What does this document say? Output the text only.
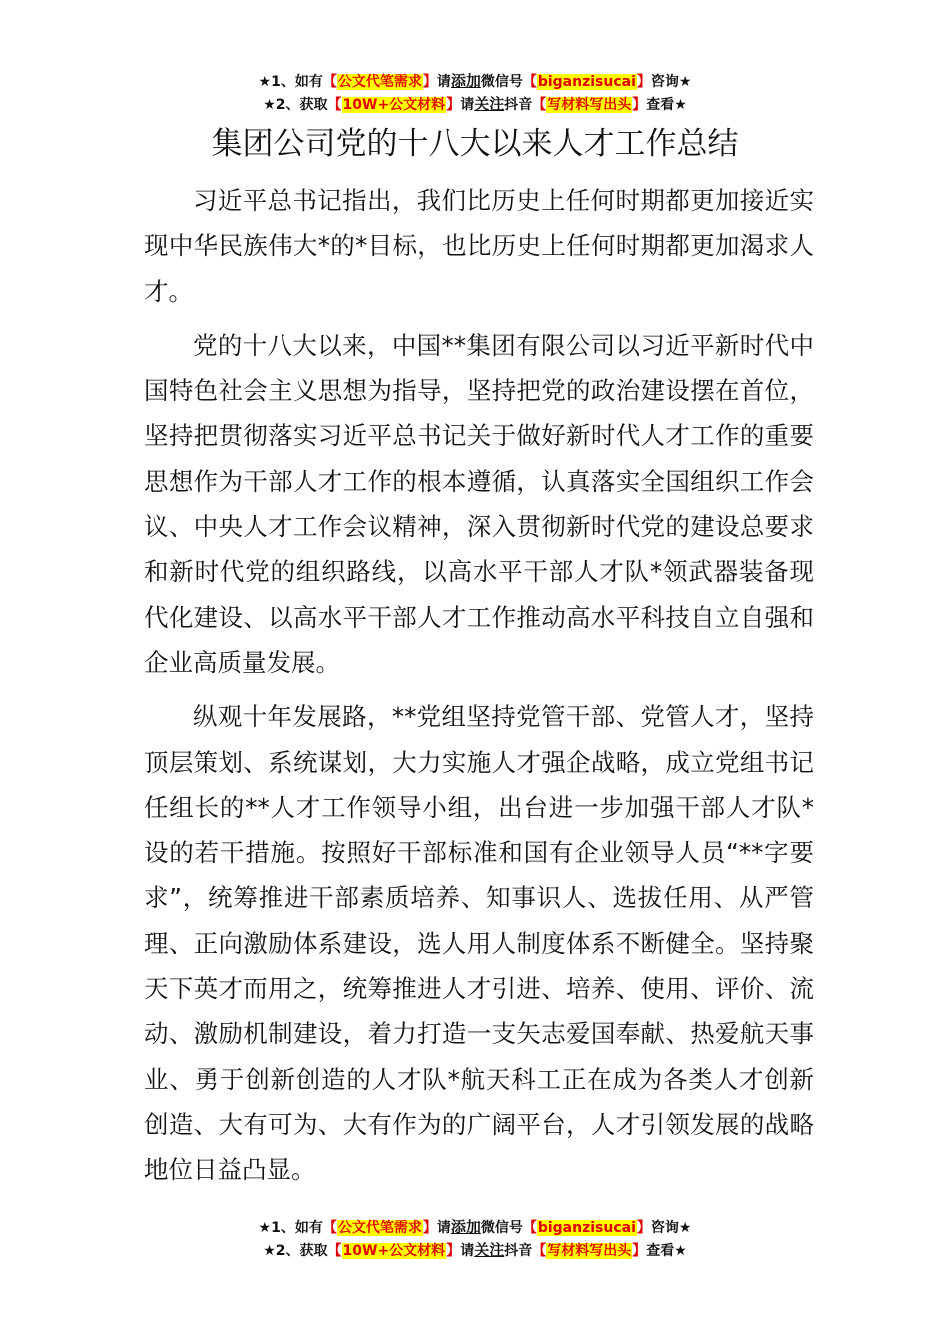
★1、如有【公文代笔需求】请添加微信号【biganzisucai】咨询★
★2、获取【10W+公文材料】请关注抖音【写材料写出头】查看★
集团公司党的十八大以来人才工作总结

习近平总书记指出，我们比历史上任何时期都更加接近实现中华民族伟大*的*目标，也比历史上任何时期都更加渴求人才。

党的十八大以来，中国**集团有限公司以习近平新时代中国特色社会主义思想为指导，坚持把党的政治建设摆在首位，坚持把贯彻落实习近平总书记关于做好新时代人才工作的重要思想作为干部人才工作的根本遵循，认真落实全国组织工作会议、中央人才工作会议精神，深入贯彻新时代党的建设总要求和新时代党的组织路线，以高水平干部人才队*领武器装备现代化建设、以高水平干部人才工作推动高水平科技自立自强和企业高质量发展。

纵观十年发展路，**党组坚持党管干部、党管人才，坚持顶层策划、系统谋划，大力实施人才强企战略，成立党组书记任组长的**人才工作领导小组，出台进一步加强干部人才队*设的若干措施。按照好干部标准和国有企业领导人员“**字要求”，统筹推进干部素质培养、知事识人、选拔任用、从严管理、正向激励体系建设，选人用人制度体系不断健全。坚持聚天下英才而用之，统筹推进人才引进、培养、使用、评价、流动、激励机制建设，着力打造一支矢志爱国奉献、热爱航天事业、勇于创新创造的人才队*航天科工正在成为各类人才创新创造、大有可为、大有作为的广阔平台，人才引领发展的战略地位日益凸显。

★1、如有【公文代笔需求】请添加微信号【biganzisucai】咨询★
★2、获取【10W+公文材料】请关注抖音【写材料写出头】查看★
